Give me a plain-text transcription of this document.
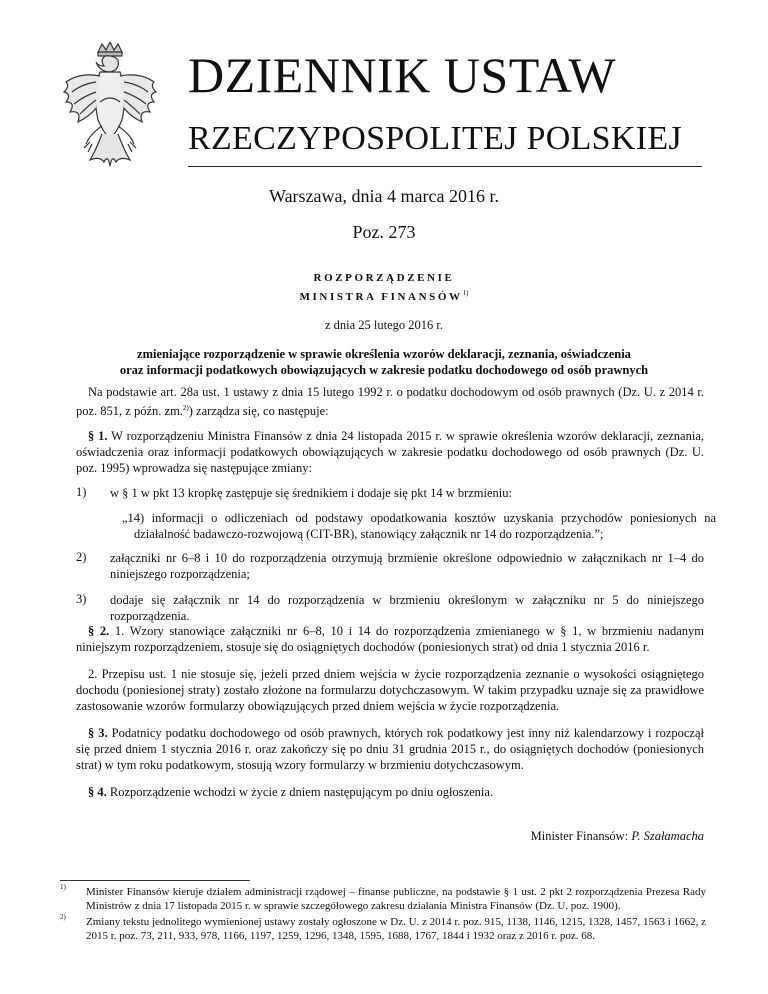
DZIENNIK USTAW
RZECZYPOSPOLITEJ POLSKIEJ
Warszawa, dnia 4 marca 2016 r.
Poz. 273
ROZPORZĄDZENIE
MINISTRA FINANSÓW$^{1)}$
z dnia 25 lutego 2016 r.
zmieniające rozporządzenie w sprawie określenia wzorów deklaracji, zeznania, oświadczenia
oraz informacji podatkowych obowiązujących w zakresie podatku dochodowego od osób prawnych
Na podstawie art. 28a ust. 1 ustawy z dnia 15 lutego 1992 r. o podatku dochodowym od osób prawnych (Dz. U. z 2014 r. poz. 851, z późn. zm.$^{2)}$) zarządza się, co następuje:
§ 1. W rozporządzeniu Ministra Finansów z dnia 24 listopada 2015 r. w sprawie określenia wzorów deklaracji, zeznania, oświadczenia oraz informacji podatkowych obowiązujących w zakresie podatku dochodowego od osób prawnych (Dz. U. poz. 1995) wprowadza się następujące zmiany:
1) w § 1 w pkt 13 kropkę zastępuje się średnikiem i dodaje się pkt 14 w brzmieniu:
„14) informacji o odliczeniach od podstawy opodatkowania kosztów uzyskania przychodów poniesionych na działalność badawczo-rozwojową (CIT-BR), stanowiący załącznik nr 14 do rozporządzenia.”;
2) załączniki nr 6–8 i 10 do rozporządzenia otrzymują brzmienie określone odpowiednio w załącznikach nr 1–4 do niniejszego rozporządzenia;
3) dodaje się załącznik nr 14 do rozporządzenia w brzmieniu określonym w załączniku nr 5 do niniejszego rozporządzenia.
§ 2. 1. Wzory stanowiące załączniki nr 6–8, 10 i 14 do rozporządzenia zmienianego w § 1, w brzmieniu nadanym niniejszym rozporządzeniem, stosuje się do osiągniętych dochodów (poniesionych strat) od dnia 1 stycznia 2016 r.
2. Przepisu ust. 1 nie stosuje się, jeżeli przed dniem wejścia w życie rozporządzenia zeznanie o wysokości osiągniętego dochodu (poniesionej straty) zostało złożone na formularzu dotychczasowym. W takim przypadku uznaje się za prawidłowe zastosowanie wzorów formularzy obowiązujących przed dniem wejścia w życie rozporządzenia.
§ 3. Podatnicy podatku dochodowego od osób prawnych, których rok podatkowy jest inny niż kalendarzowy i rozpoczął się przed dniem 1 stycznia 2016 r. oraz zakończy się po dniu 31 grudnia 2015 r., do osiągniętych dochodów (poniesionych strat) w tym roku podatkowym, stosują wzory formularzy w brzmieniu dotychczasowym.
§ 4. Rozporządzenie wchodzi w życie z dniem następującym po dniu ogłoszenia.
Minister Finansów: P. Szałamacha
1) Minister Finansów kieruje działem administracji rządowej – finanse publiczne, na podstawie § 1 ust. 2 pkt 2 rozporządzenia Prezesa Rady Ministrów z dnia 17 listopada 2015 r. w sprawie szczegółowego zakresu działania Ministra Finansów (Dz. U. poz. 1900).
2) Zmiany tekstu jednolitego wymienionej ustawy zostały ogłoszone w Dz. U. z 2014 r. poz. 915, 1138, 1146, 1215, 1328, 1457, 1563 i 1662, z 2015 r. poz. 73, 211, 933, 978, 1166, 1197, 1259, 1296, 1348, 1595, 1688, 1767, 1844 i 1932 oraz z 2016 r. poz. 68.
